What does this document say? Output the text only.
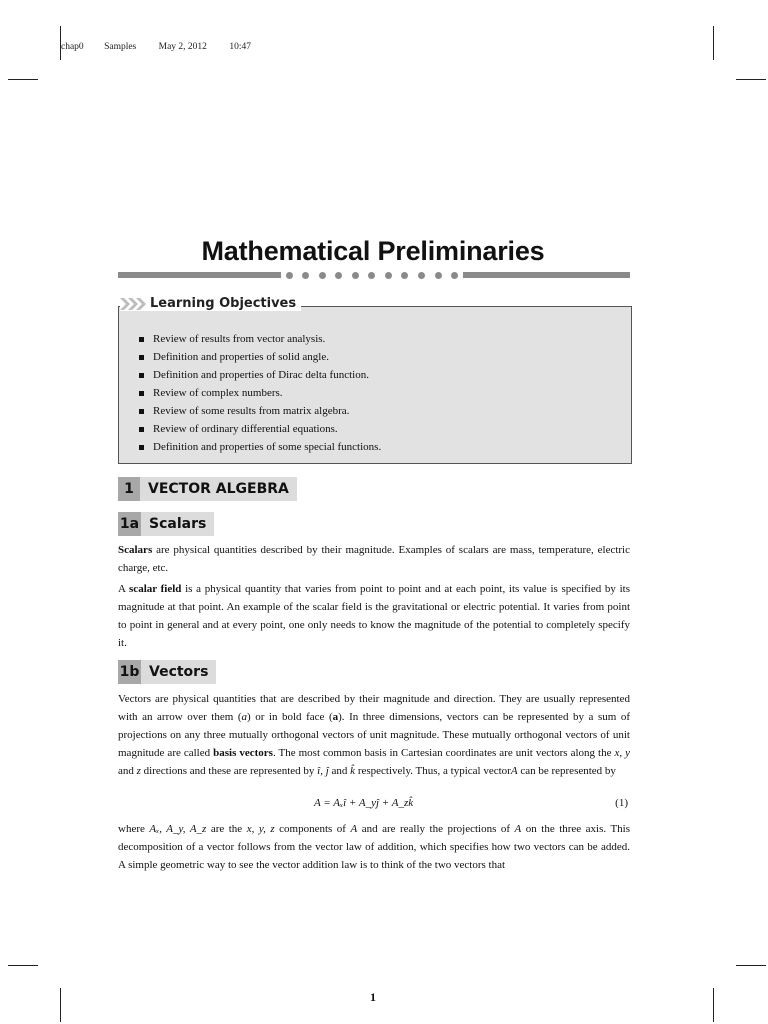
chap0 Samples May 2, 2012 10:47
Mathematical Preliminaries
Learning Objectives
Review of results from vector analysis.
Definition and properties of solid angle.
Definition and properties of Dirac delta function.
Review of complex numbers.
Review of some results from matrix algebra.
Review of ordinary differential equations.
Definition and properties of some special functions.
1	VECTOR ALGEBRA
1a Scalars

Scalars are physical quantities described by their magnitude. Examples of scalars are mass, temperature, electric charge, etc.

A scalar field is a physical quantity that varies from point to point and at each point, its value is specified by its magnitude at that point. An example of the scalar field is the gravitational or electric potential. It varies from point to point in general and at every point, one only needs to know the magnitude of the potential to completely specify it.

1b Vectors

Vectors are physical quantities that are described by their magnitude and direction. They are usually represented with an arrow over them (a) or in bold face (a). In three dimensions, vectors can be represented by a sum of projections on any three mutually orthogonal vectors of unit magnitude. These mutually orthogonal vectors of unit magnitude are called basis vectors. The most common basis in Cartesian coordinates are unit vectors along the x, y and z directions and these are represented by î, ĵ and k̂ respectively. Thus, a typical vectorA can be represented by

A = Aₓî + A_yĵ + A_zk̂	(1)

where Aₓ, A_y, A_z are the x, y, z components of A and are really the projections of A on the three axis. This decomposition of a vector follows from the vector law of addition, which specifies how two vectors can be added. A simple geometric way to see the vector addition law is to think of the two vectors that

1
